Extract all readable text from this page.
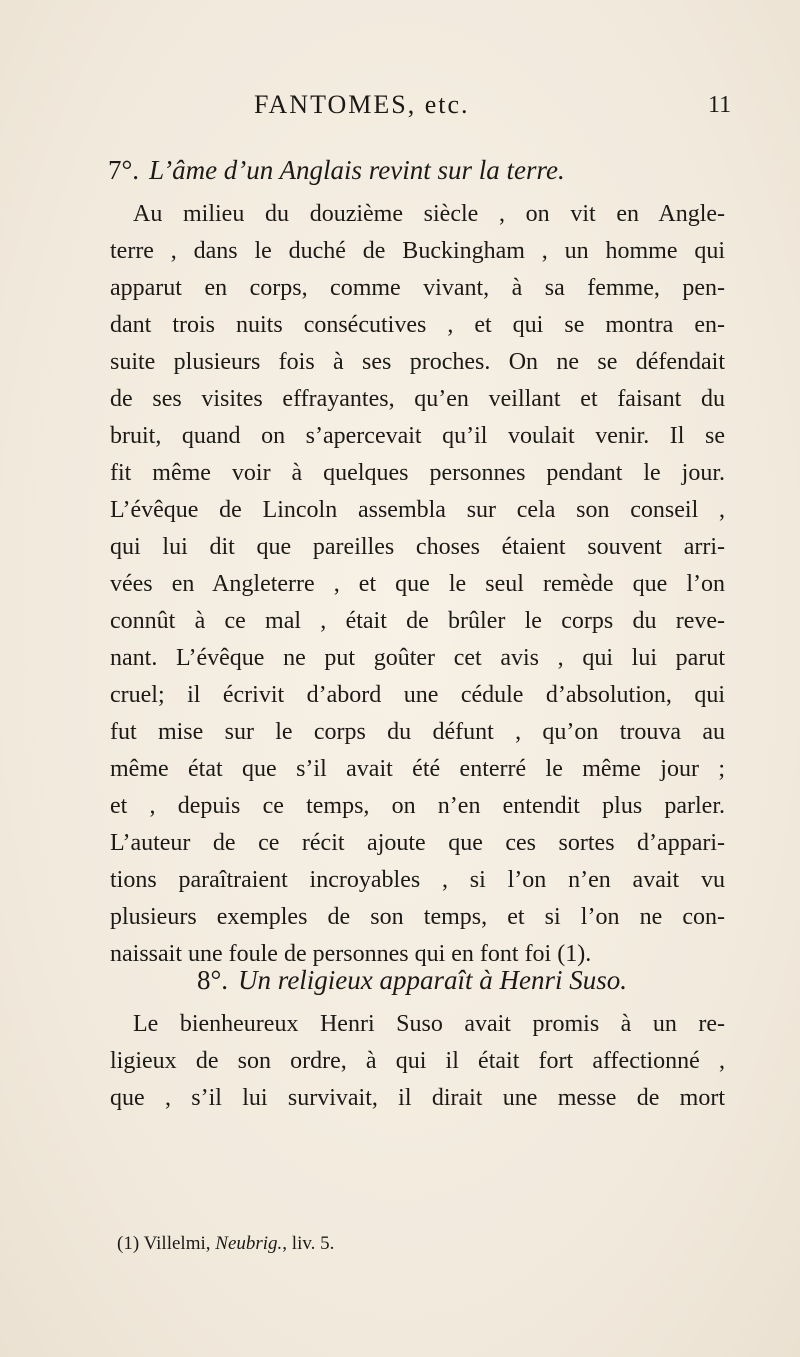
FANTOMES, etc.	11
7°. L’âme d’un Anglais revint sur la terre.
Au milieu du douzième siècle , on vit en Angle-
terre , dans le duché de Buckingham , un homme qui
apparut en corps, comme vivant, à sa femme, pen-
dant trois nuits consécutives , et qui se montra en-
suite plusieurs fois à ses proches. On ne se défendait
de ses visites effrayantes, qu’en veillant et faisant du
bruit, quand on s’apercevait qu’il voulait venir. Il se
fit même voir à quelques personnes pendant le jour.
L’évêque de Lincoln assembla sur cela son conseil ,
qui lui dit que pareilles choses étaient souvent arri-
vées en Angleterre , et que le seul remède que l’on
connût à ce mal , était de brûler le corps du reve-
nant. L’évêque ne put goûter cet avis , qui lui parut
cruel; il écrivit d’abord une cédule d’absolution, qui
fut mise sur le corps du défunt , qu’on trouva au
même état que s’il avait été enterré le même jour ;
et , depuis ce temps, on n’en entendit plus parler.
L’auteur de ce récit ajoute que ces sortes d’appari-
tions paraîtraient incroyables , si l’on n’en avait vu
plusieurs exemples de son temps, et si l’on ne con-
naissait une foule de personnes qui en font foi (1).
8°. Un religieux apparaît à Henri Suso.
Le bienheureux Henri Suso avait promis à un re-
ligieux de son ordre, à qui il était fort affectionné ,
que , s’il lui survivait, il dirait une messe de mort
(1) Villelmi, Neubrig., liv. 5.
